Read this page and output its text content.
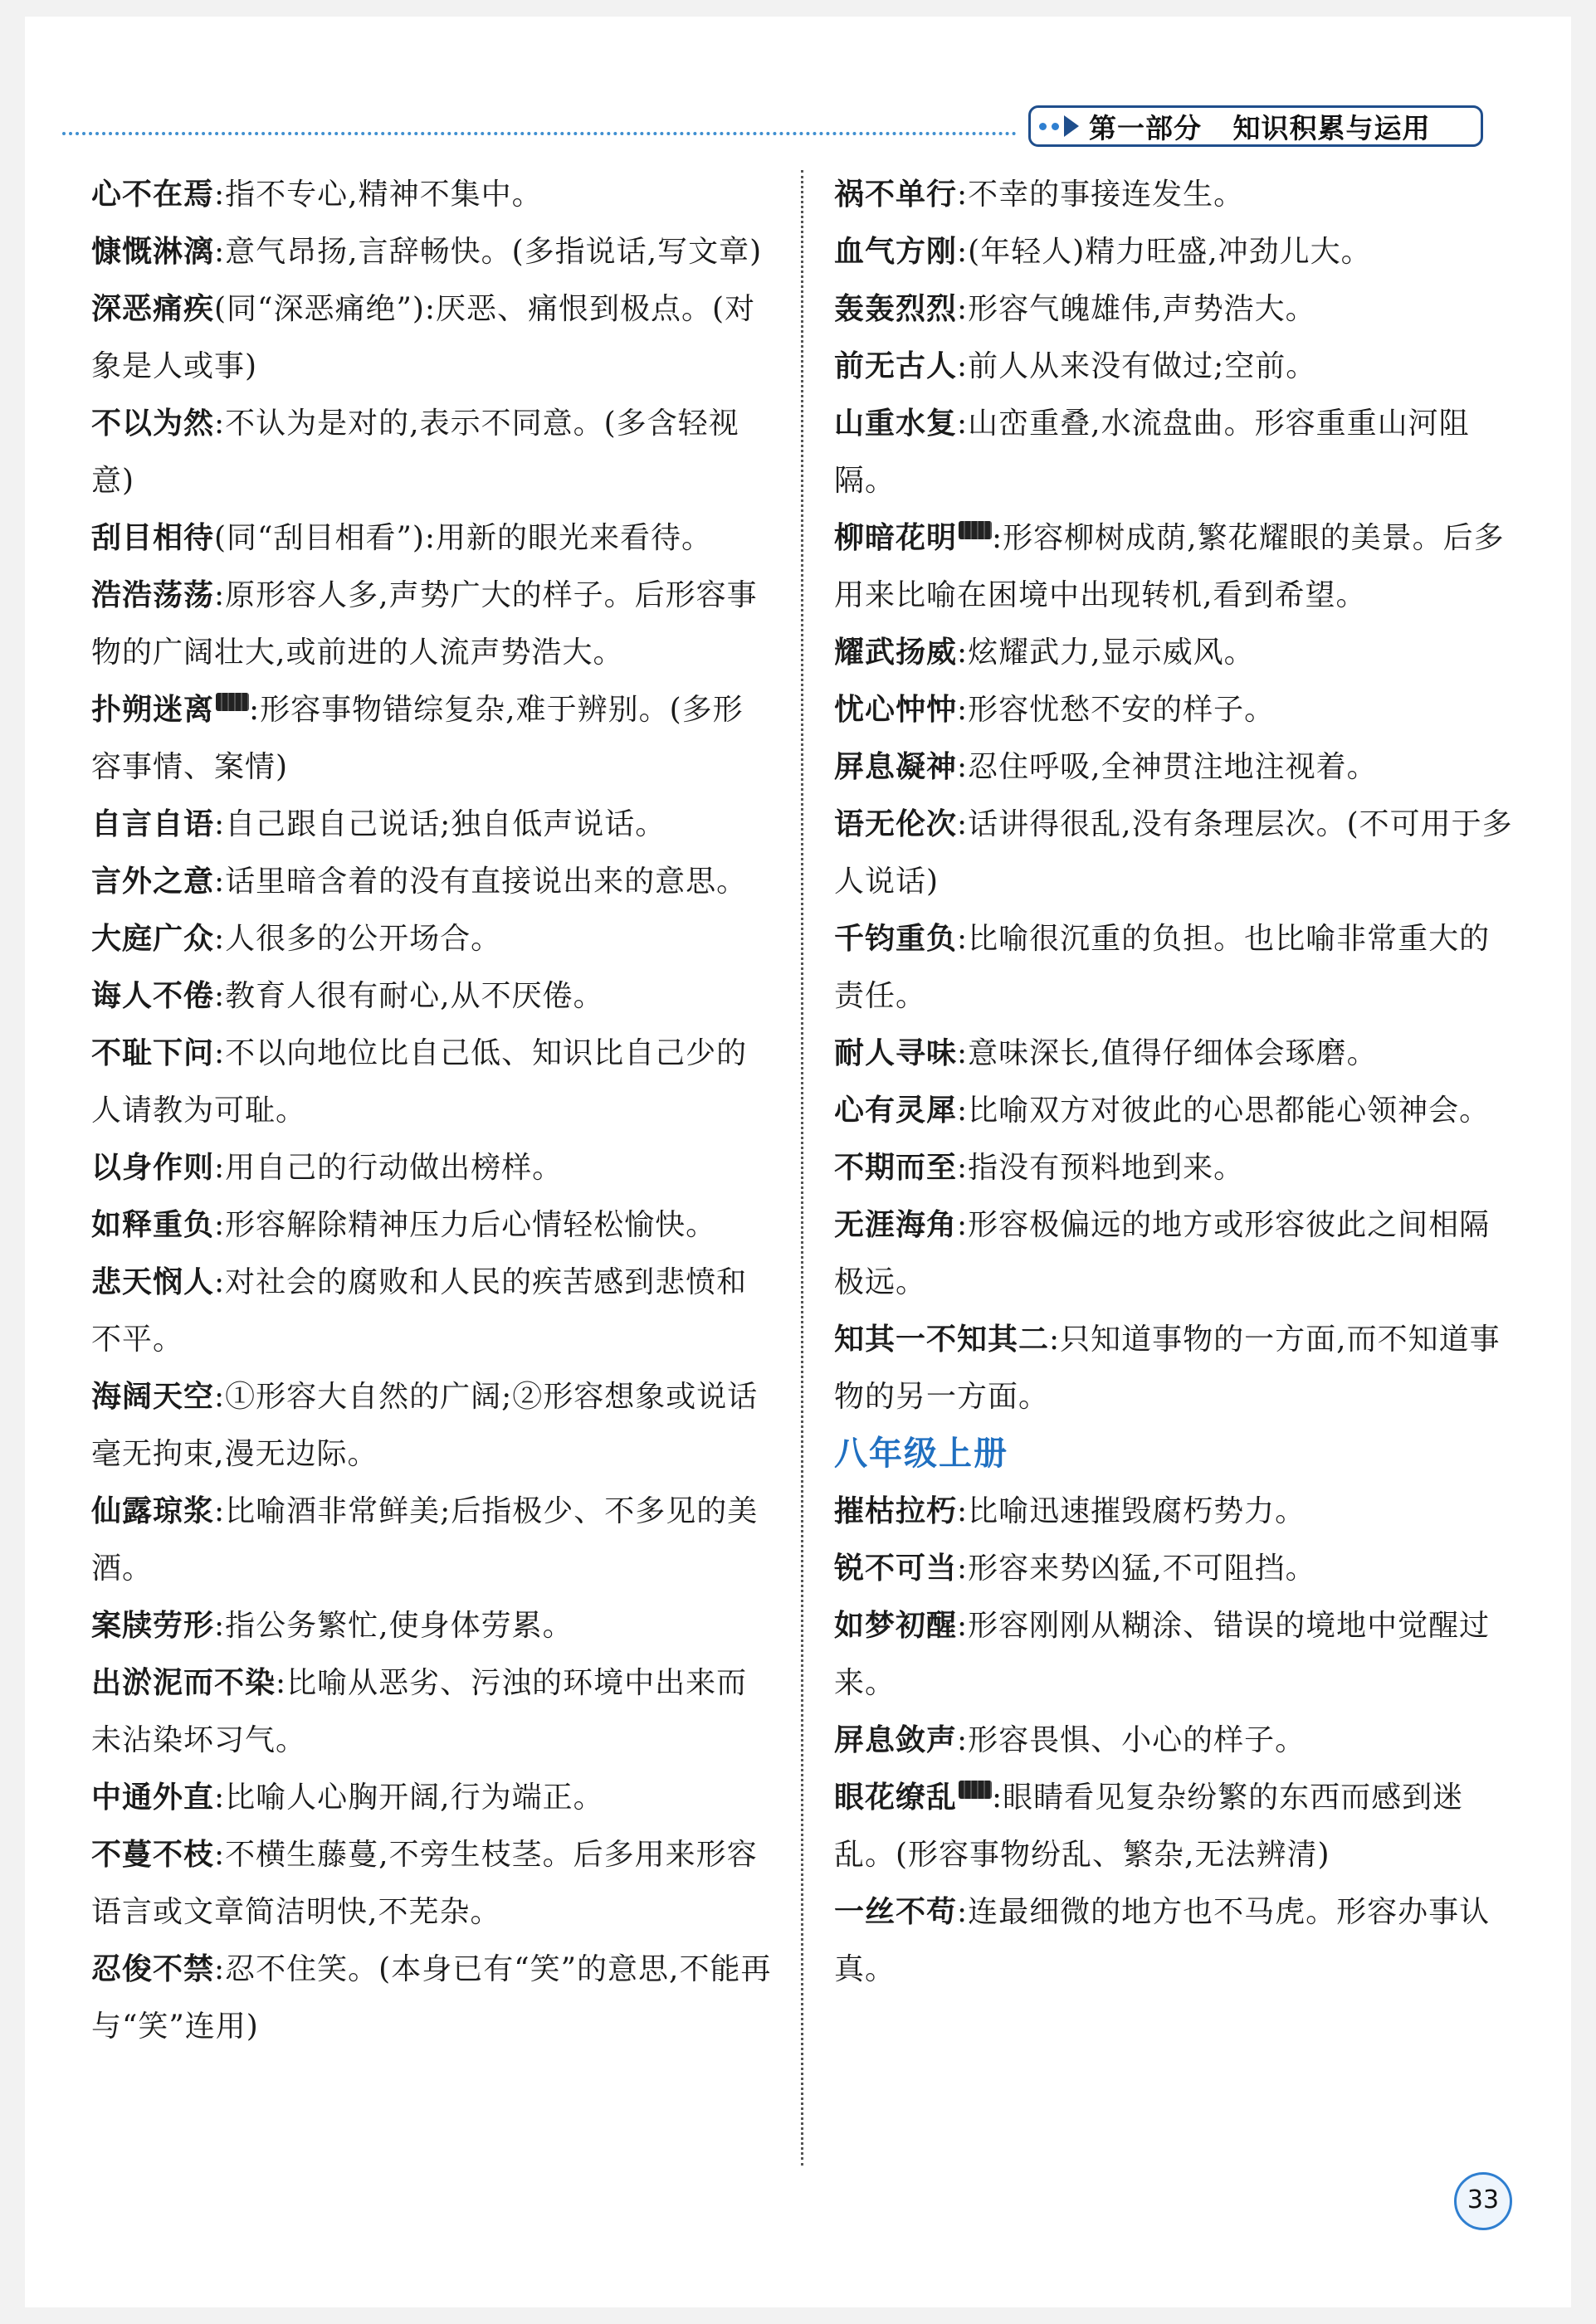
第一部分   知识积累与运用
心不在焉:指不专心,精神不集中。
慷慨淋漓:意气昂扬,言辞畅快。(多指说话,写文章)
深恶痛疾(同“深恶痛绝”):厌恶、痛恨到极点。(对象是人或事)
不以为然:不认为是对的,表示不同意。(多含轻视意)
刮目相待(同“刮目相看”):用新的眼光来看待。
浩浩荡荡:原形容人多,声势广大的样子。后形容事物的广阔壮大,或前进的人流声势浩大。
扑朔迷离 :形容事物错综复杂,难于辨别。(多形容事情、案情)
自言自语:自己跟自己说话;独自低声说话。
言外之意:话里暗含着的没有直接说出来的意思。
大庭广众:人很多的公开场合。
诲人不倦:教育人很有耐心,从不厌倦。
不耻下问:不以向地位比自己低、知识比自己少的人请教为可耻。
以身作则:用自己的行动做出榜样。
如释重负:形容解除精神压力后心情轻松愉快。
悲天悯人:对社会的腐败和人民的疾苦感到悲愤和不平。
海阔天空:①形容大自然的广阔;②形容想象或说话毫无拘束,漫无边际。
仙露琼浆:比喻酒非常鲜美;后指极少、不多见的美酒。
案牍劳形:指公务繁忙,使身体劳累。
出淤泥而不染:比喻从恶劣、污浊的环境中出来而未沾染坏习气。
中通外直:比喻人心胸开阔,行为端正。
不蔓不枝:不横生藤蔓,不旁生枝茎。后多用来形容语言或文章简洁明快,不芜杂。
忍俊不禁:忍不住笑。(本身已有“笑”的意思,不能再与“笑”连用)
祸不单行:不幸的事接连发生。
血气方刚:(年轻人)精力旺盛,冲劲儿大。
轰轰烈烈:形容气魄雄伟,声势浩大。
前无古人:前人从来没有做过;空前。
山重水复:山峦重叠,水流盘曲。形容重重山河阻隔。
柳暗花明 :形容柳树成荫,繁花耀眼的美景。后多用来比喻在困境中出现转机,看到希望。
耀武扬威:炫耀武力,显示威风。
忧心忡忡:形容忧愁不安的样子。
屏息凝神:忍住呼吸,全神贯注地注视着。
语无伦次:话讲得很乱,没有条理层次。(不可用于多人说话)
千钧重负:比喻很沉重的负担。也比喻非常重大的责任。
耐人寻味:意味深长,值得仔细体会琢磨。
心有灵犀:比喻双方对彼此的心思都能心领神会。
不期而至:指没有预料地到来。
无涯海角:形容极偏远的地方或形容彼此之间相隔极远。
知其一不知其二:只知道事物的一方面,而不知道事物的另一方面。
八年级上册
摧枯拉朽:比喻迅速摧毁腐朽势力。
锐不可当:形容来势凶猛,不可阻挡。
如梦初醒:形容刚刚从糊涂、错误的境地中觉醒过来。
屏息敛声:形容畏惧、小心的样子。
眼花缭乱 :眼睛看见复杂纷繁的东西而感到迷乱。(形容事物纷乱、繁杂,无法辨清)
一丝不苟:连最细微的地方也不马虎。形容办事认真。
33
